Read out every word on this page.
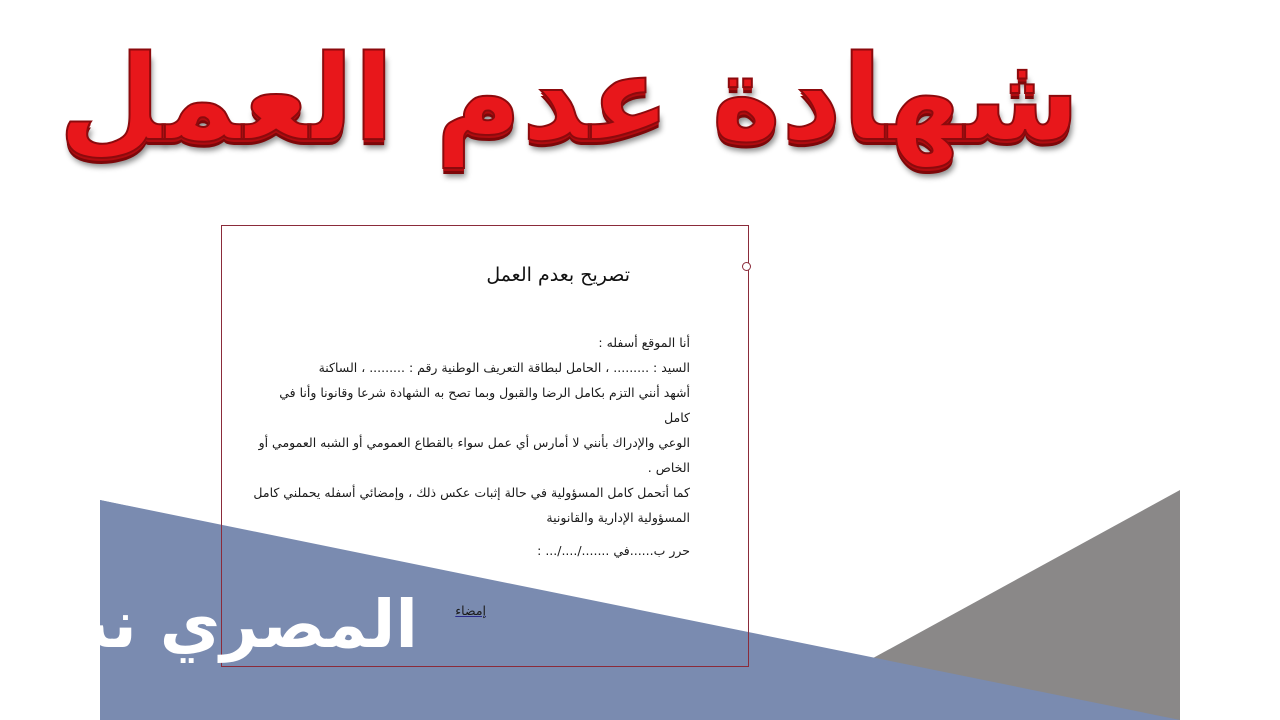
شهادة عدم العمل
تصريح بعدم العمل

أنا الموقع أسفله :

السيد : ......... ، الحامل لبطاقة التعريف الوطنية رقم : ......... ، الساكنة

أشهد أنني التزم بكامل الرضا والقبول وبما تصح به الشهادة شرعا وقانونا وأنا في كامل

الوعي والإدراك بأنني لا أمارس أي عمل سواء بالقطاع العمومي أو الشبه العمومي أو

الخاص .

كما أتحمل كامل المسؤولية في حالة إثبات عكس ذلك ، وإمضائي أسفله يحملني كامل

المسؤولية الإدارية والقانونية

حرر ب......في ......./..../... :
إمضاء
المصري نت
